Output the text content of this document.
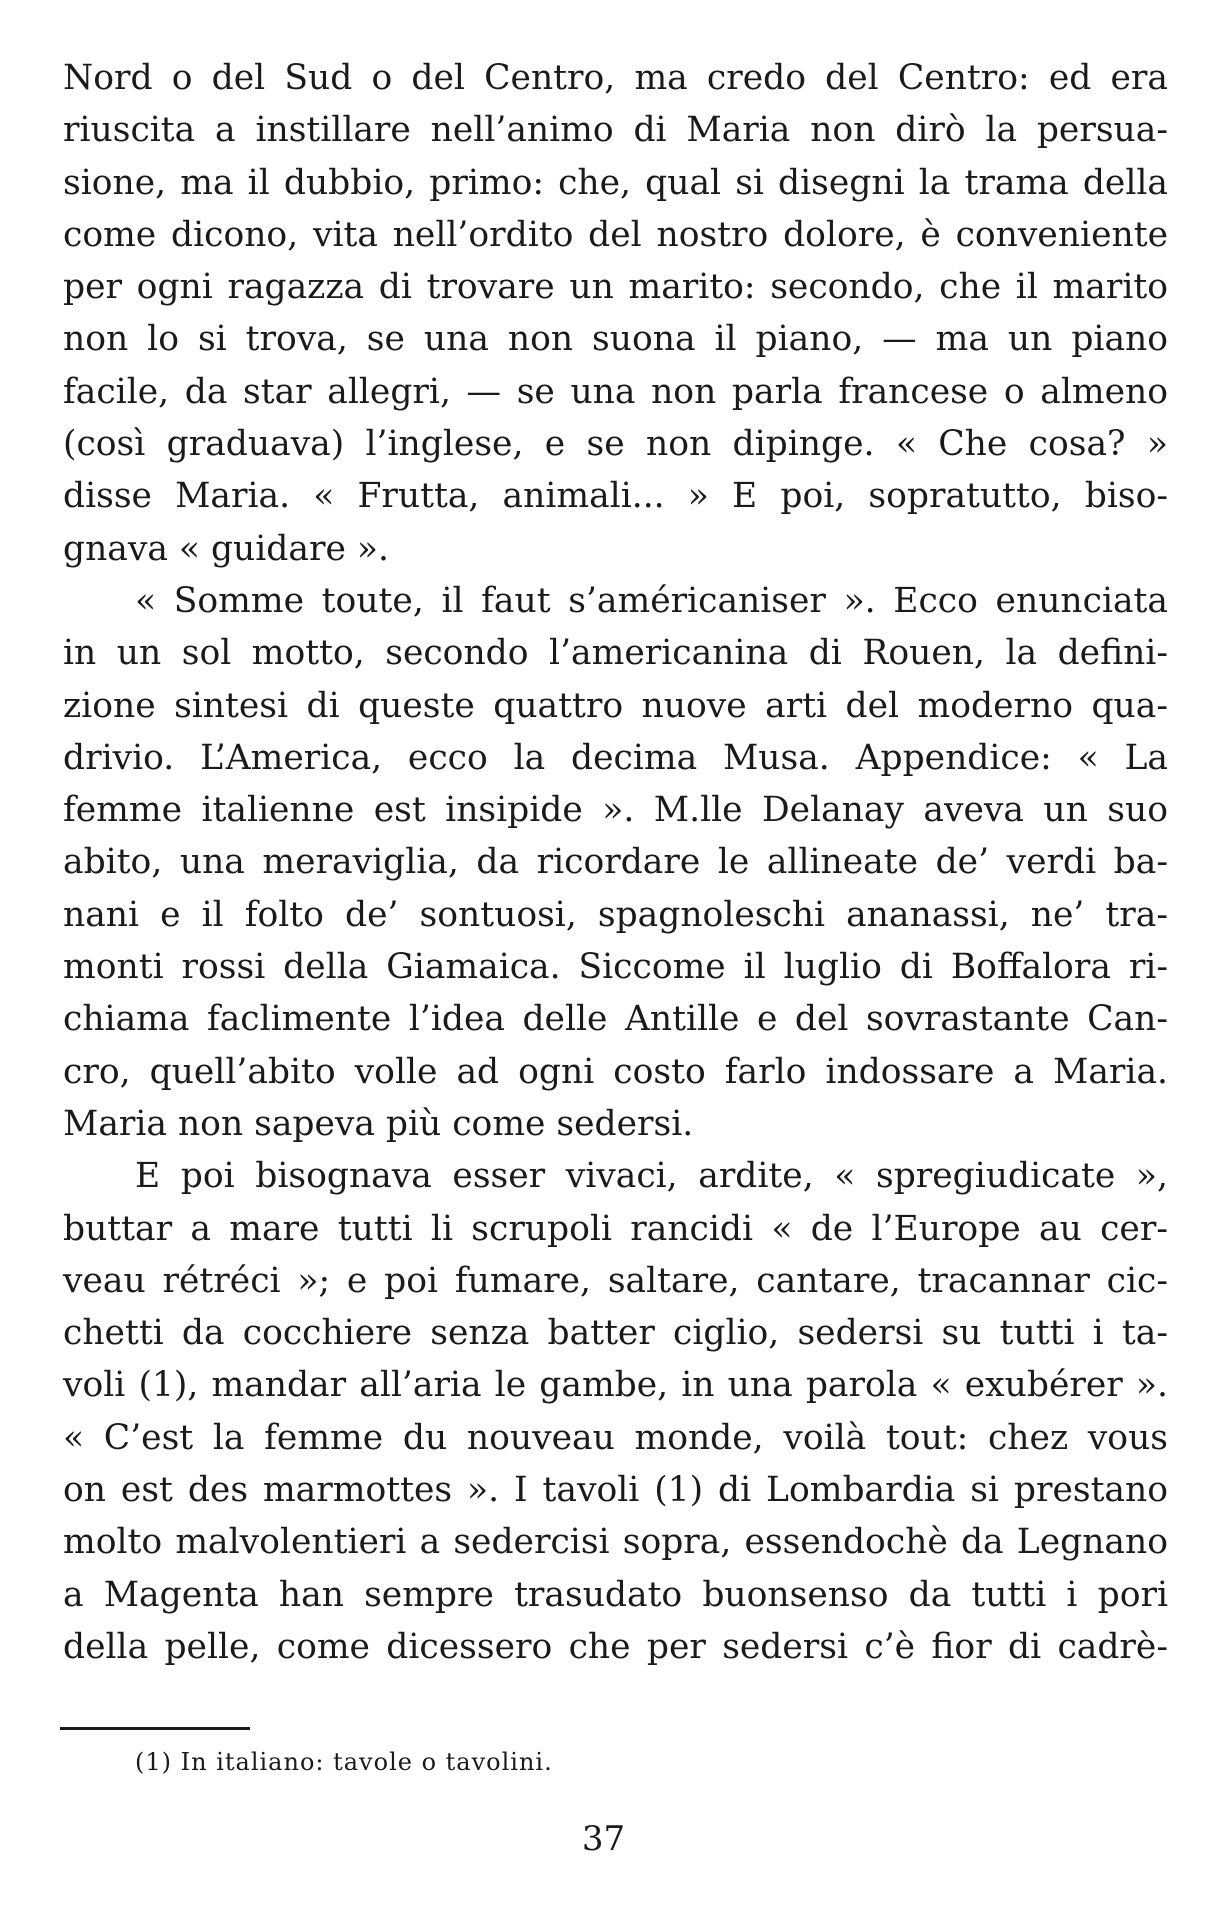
Nord o del Sud o del Centro, ma credo del Centro: ed era
riuscita a instillare nell’animo di Maria non dirò la persua-
sione, ma il dubbio, primo: che, qual si disegni la trama della
come dicono, vita nell’ordito del nostro dolore, è conveniente
per ogni ragazza di trovare un marito: secondo, che il marito
non lo si trova, se una non suona il piano, — ma un piano
facile, da star allegri, — se una non parla francese o almeno
(così graduava) l’inglese, e se non dipinge. « Che cosa? »
disse Maria. « Frutta, animali... » E poi, sopratutto, biso-
gnava « guidare ».

« Somme toute, il faut s’américaniser ». Ecco enunciata
in un sol motto, secondo l’americanina di Rouen, la defini-
zione sintesi di queste quattro nuove arti del moderno qua-
drivio. L’America, ecco la decima Musa. Appendice: « La
femme italienne est insipide ». M.lle Delanay aveva un suo
abito, una meraviglia, da ricordare le allineate de’ verdi ba-
nani e il folto de’ sontuosi, spagnoleschi ananassi, ne’ tra-
monti rossi della Giamaica. Siccome il luglio di Boffalora ri-
chiama faclimente l’idea delle Antille e del sovrastante Can-
cro, quell’abito volle ad ogni costo farlo indossare a Maria.
Maria non sapeva più come sedersi.

E poi bisognava esser vivaci, ardite, « spregiudicate »,
buttar a mare tutti li scrupoli rancidi « de l’Europe au cer-
veau rétréci »; e poi fumare, saltare, cantare, tracannar cic-
chetti da cocchiere senza batter ciglio, sedersi su tutti i ta-
voli (1), mandar all’aria le gambe, in una parola « exubérer ».
« C’est la femme du nouveau monde, voilà tout: chez vous
on est des marmottes ». I tavoli (1) di Lombardia si prestano
molto malvolentieri a sedercisi sopra, essendochè da Legnano
a Magenta han sempre trasudato buonsenso da tutti i pori
della pelle, come dicessero che per sedersi c’è fior di cadrè-

(1) In italiano: tavole o tavolini.
37
